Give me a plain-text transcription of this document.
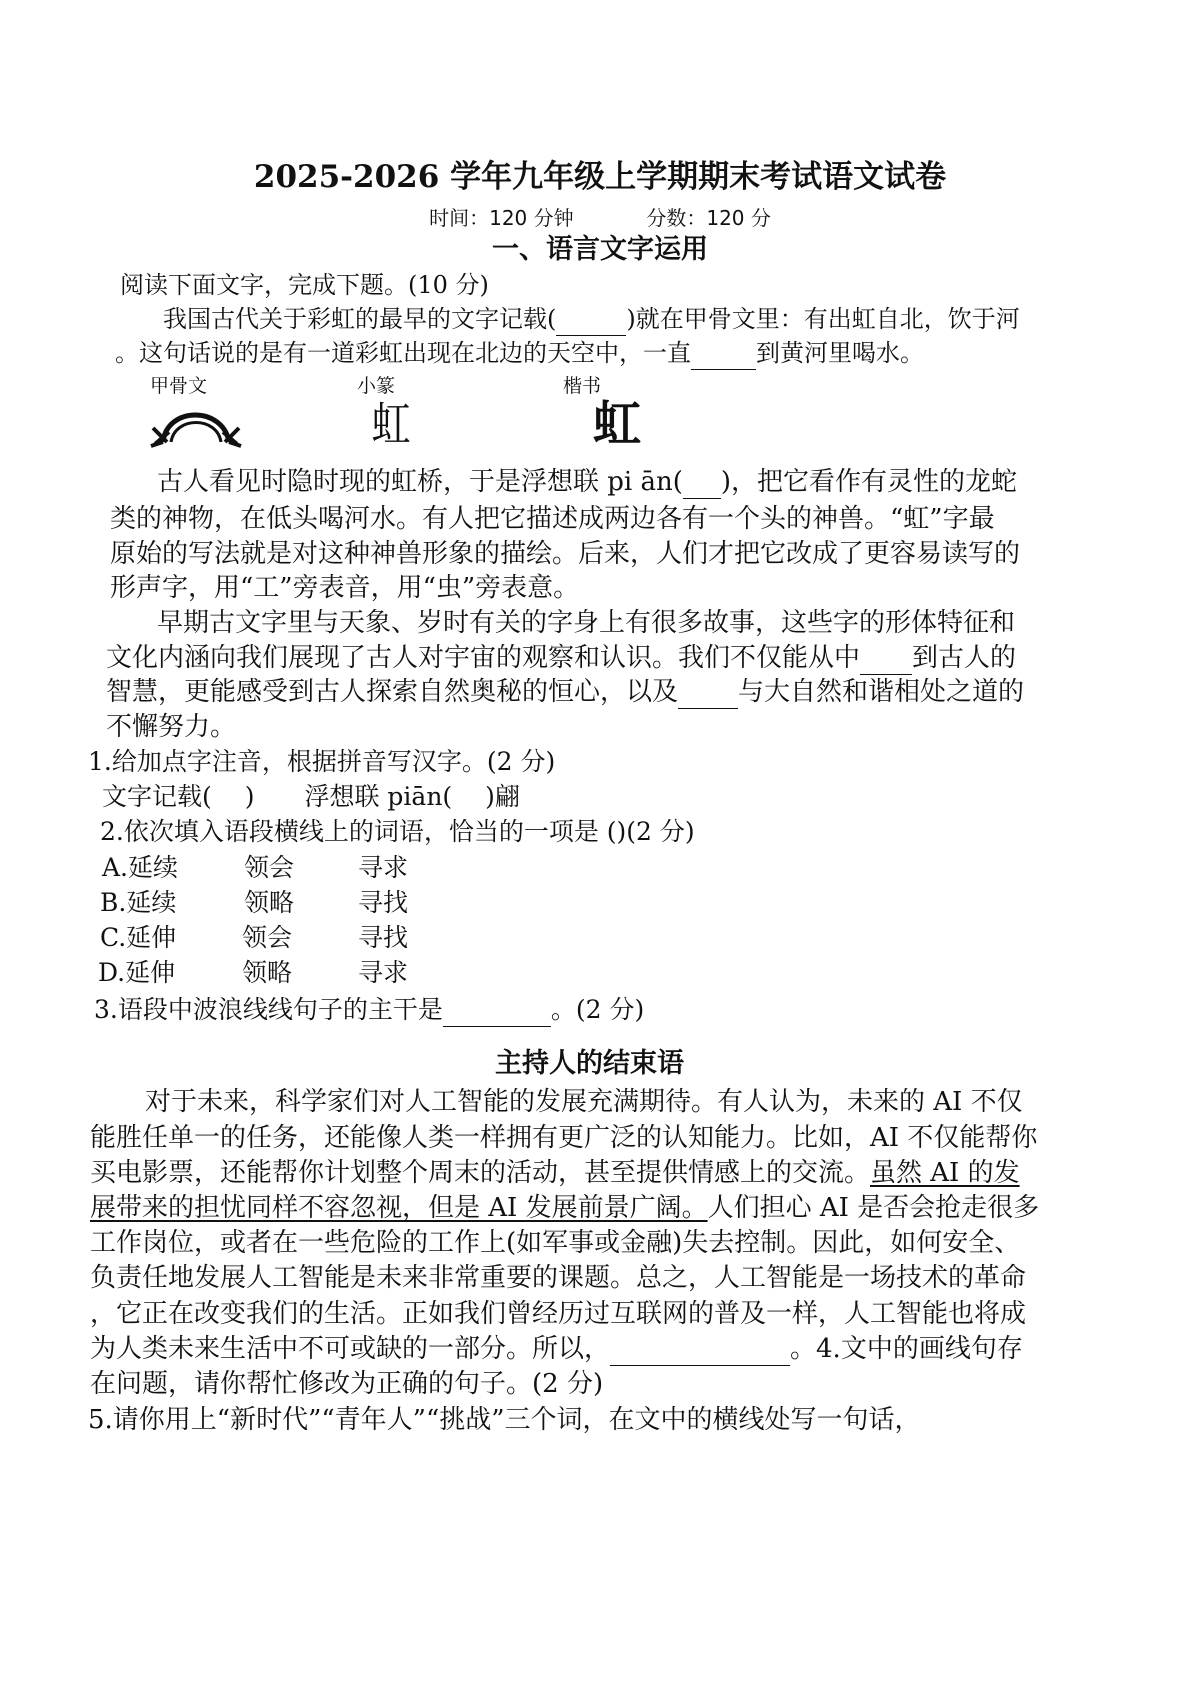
2025-2026 学年九年级上学期期末考试语文试卷
时间：120 分钟	分数：120 分
一、语言文字运用
阅读下面文字，完成下题。(10 分)
我国古代关于彩虹的最早的文字记载(	)就在甲骨文里：有出虹自北，饮于河
。这句话说的是有一道彩虹出现在北边的天空中，一直	到黄河里喝水。
甲骨文	小篆	楷书
虹	虹
古人看见时隐时现的虹桥，于是浮想联 pi ān( )，把它看作有灵性的龙蛇
类的神物，在低头喝河水。有人把它描述成两边各有一个头的神兽。“虹”字最
原始的写法就是对这种神兽形象的描绘。后来，人们才把它改成了更容易读写的
形声字，用“工”旁表音，用“虫”旁表意。
早期古文字里与天象、岁时有关的字身上有很多故事，这些字的形体特征和
文化内涵向我们展现了古人对宇宙的观察和认识。我们不仅能从中 到古人的
智慧，更能感受到古人探索自然奥秘的恒心，以及 与大自然和谐相处之道的
不懈努力。
1.给加点字注音，根据拼音写汉字。(2 分)
文字记载(　 ) 浮想联 piān(　 )翩
2.依次填入语段横线上的词语，恰当的一项是 ()(2 分)
A.延续	领会	寻求
B.延续	领略	寻找
C.延伸	领会	寻找
D.延伸	领略	寻求
3.语段中波浪线线句子的主干是	。(2 分)
主持人的结束语
对于未来，科学家们对人工智能的发展充满期待。有人认为，未来的 AI 不仅
能胜任单一的任务，还能像人类一样拥有更广泛的认知能力。比如，AI 不仅能帮你
买电影票，还能帮你计划整个周末的活动，甚至提供情感上的交流。虽然 AI 的发
展带来的担忧同样不容忽视，但是 AI 发展前景广阔。人们担心 AI 是否会抢走很多
工作岗位，或者在一些危险的工作上(如军事或金融)失去控制。因此，如何安全、
负责任地发展人工智能是未来非常重要的课题。总之，人工智能是一场技术的革命
，它正在改变我们的生活。正如我们曾经历过互联网的普及一样，人工智能也将成
为人类未来生活中不可或缺的一部分。所以，	。4.文中的画线句存
在问题，请你帮忙修改为正确的句子。(2 分)
5.请你用上“新时代”“青年人”“挑战”三个词，在文中的横线处写一句话，
